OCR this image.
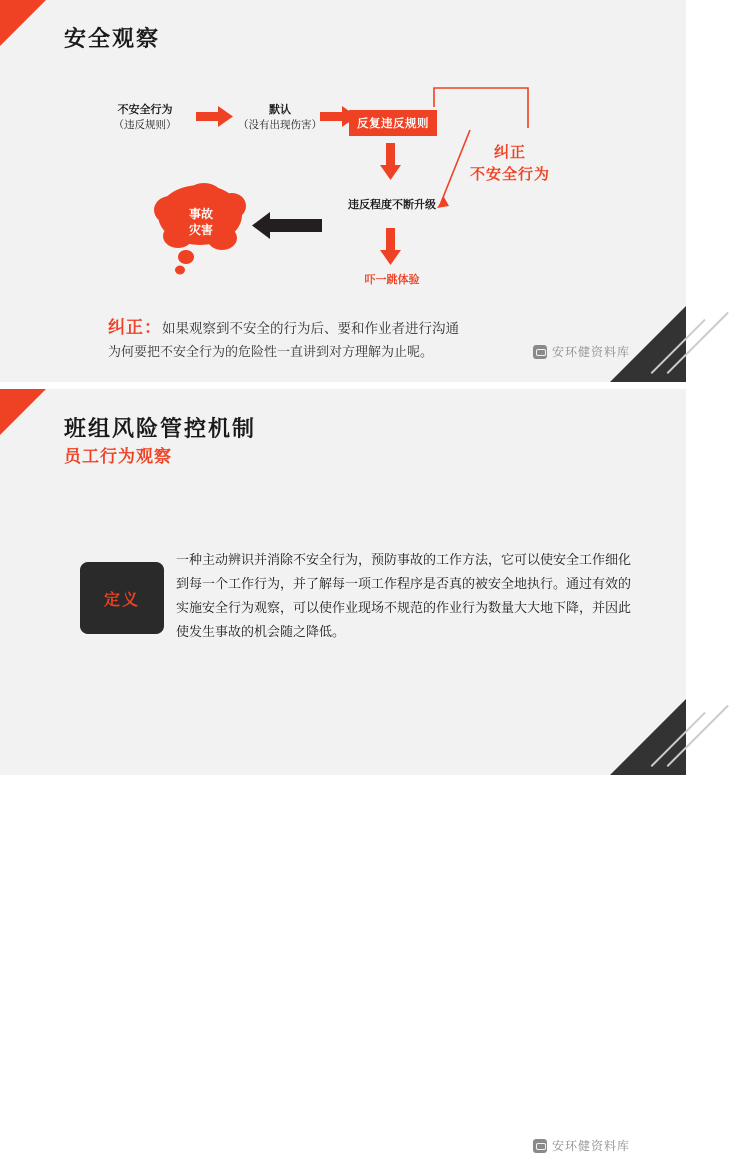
安全观察
不安全行为
（违反规则）
默认
（没有出现伤害）	反复违反规则
违反程度不断升级
吓一跳体验
事故
灾害
纠正
不安全行为
纠正：如果观察到不安全的行为后、要和作业者进行沟通
为何要把不安全行为的危险性一直讲到对方理解为止呢。	安环健资料库
班组风险管控机制
员工行为观察
安环健资料库
定义
一种主动辨识并消除不安全行为，预防事故的工作方法，它可以使安全工作细化到每一个工作行为，并了解每一项工作程序是否真的被安全地执行。通过有效的实施安全行为观察，可以使作业现场不规范的作业行为数量大大地下降，并因此使发生事故的机会随之降低。
